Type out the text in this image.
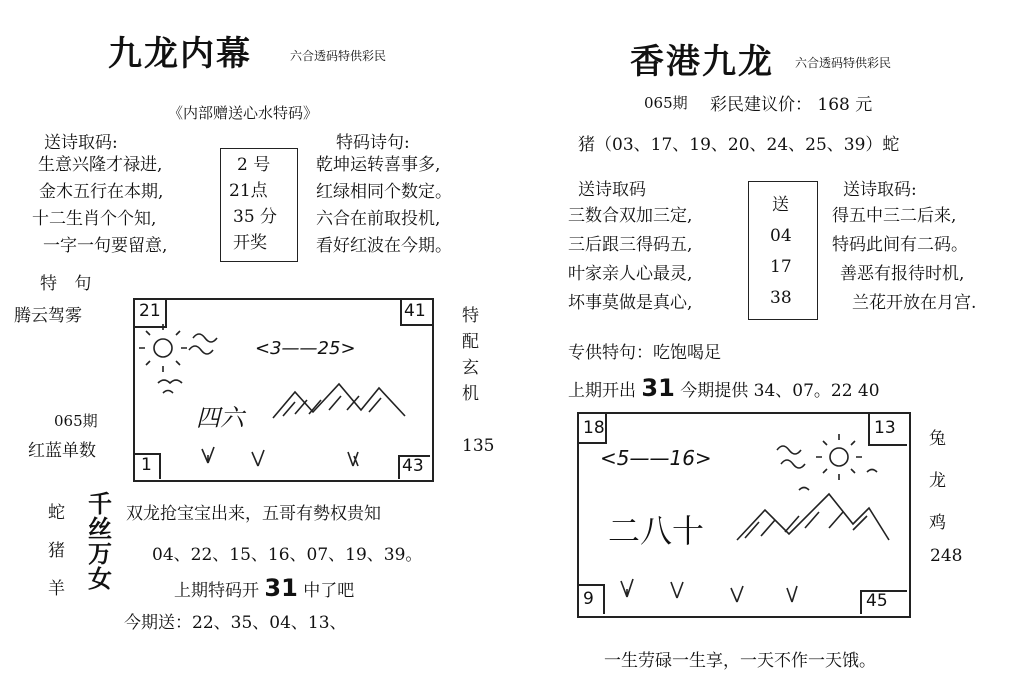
九龙内幕	六合透码特供彩民
《内部赠送心水特码》
送诗取码:
生意兴隆才禄进,
金木五行在本期,
十二生肖个个知,
一字一句要留意,
2 号
21点
35 分
开奖
特码诗句:
乾坤运转喜事多,
红绿相同个数定。
六合在前取投机,
看好红波在今期。
特 句
腾云驾雾
065期
红蓝单数
21	41
1	43
<3——25>
四六
特
配
玄
机
135
蛇
猪
羊
千
丝
万
女
双龙抢宝宝出来，五哥有勢权贵知
04、22、15、16、07、19、39。
上期特码开 31 中了吧
今期送：22、35、04、13、
香港九龙 六合透码特供彩民
065期 彩民建议价： 168 元
猪（03、17、19、20、24、25、39）蛇
送诗取码
三数合双加三定,
三后跟三得码五,
叶家亲人心最灵,
坏事莫做是真心,
送
04
17
38
送诗取码:
得五中三二后来,
特码此间有二码。
善恶有报待时机,
兰花开放在月宫.
专供特句：吃饱喝足
上期开出 31 今期提供 34、07。22 40
18	13
9	45
<5——16>
二八十
兔
龙
鸡
248
一生劳碌一生享，一天不作一天饿。
